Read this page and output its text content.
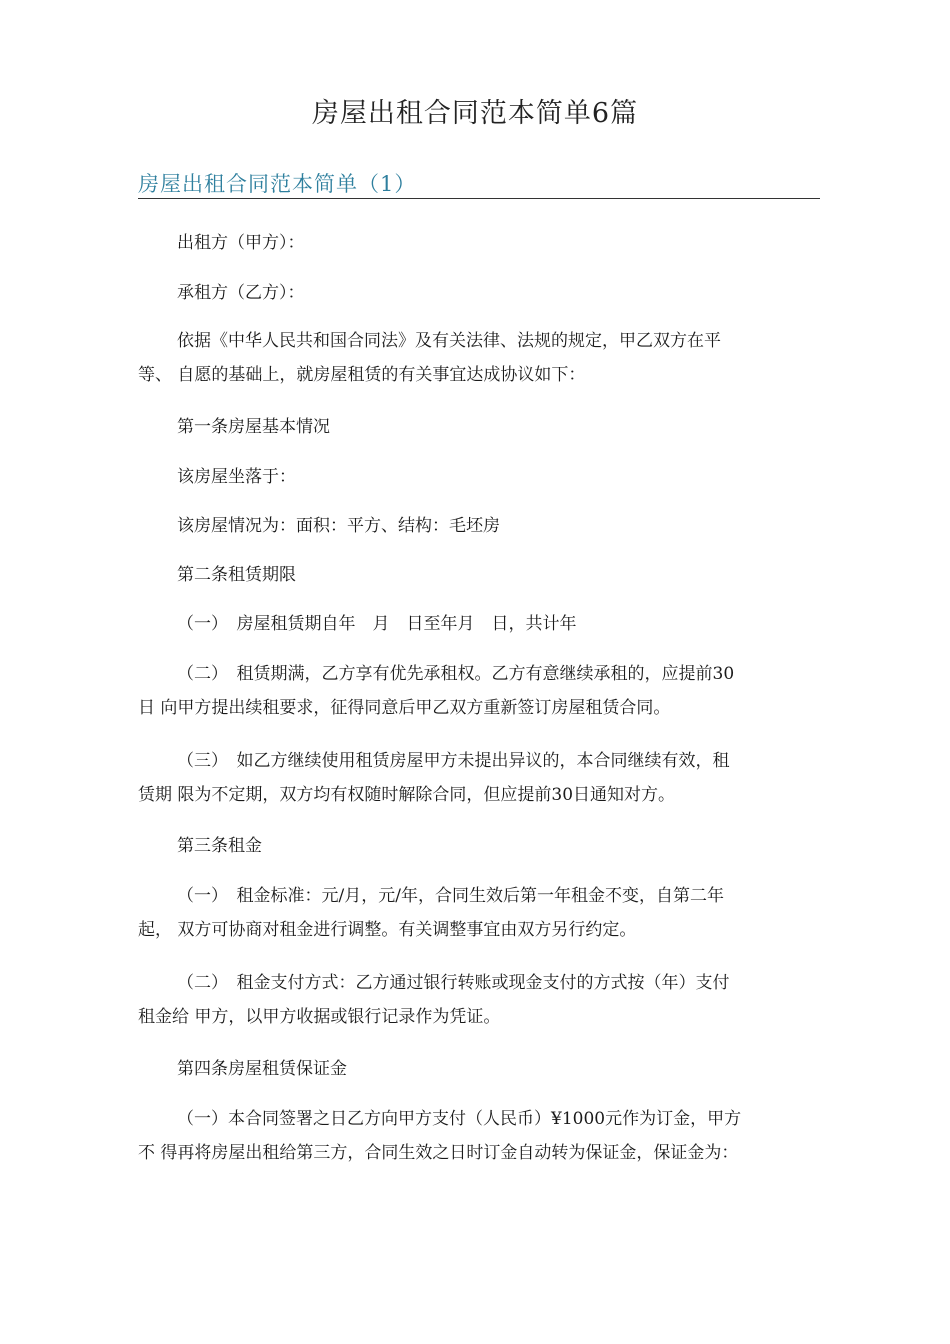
房屋出租合同范本简单6篇
房屋出租合同范本简单（1）

出租方（甲方）：

承租方（乙方）：

依据《中华人民共和国合同法》及有关法律、法规的规定，甲乙双方在平
等、 自愿的基础上，就房屋租赁的有关事宜达成协议如下：

第一条房屋基本情况

该房屋坐落于：

该房屋情况为：面积：平方、结构：毛坯房

第二条租赁期限

（一）　房屋租赁期自年　月　日至年月　日，共计年

（二）　租赁期满，乙方享有优先承租权。乙方有意继续承租的，应提前30
日 向甲方提出续租要求，征得同意后甲乙双方重新签订房屋租赁合同。

（三）　如乙方继续使用租赁房屋甲方未提出异议的，本合同继续有效，租
赁期 限为不定期，双方均有权随时解除合同，但应提前30日通知对方。

第三条租金

（一）　租金标准：元/月，元/年，合同生效后第一年租金不变，自第二年
起， 双方可协商对租金进行调整。有关调整事宜由双方另行约定。

（二）　租金支付方式：乙方通过银行转账或现金支付的方式按（年）支付
租金给 甲方，以甲方收据或银行记录作为凭证。

第四条房屋租赁保证金

（一）本合同签署之日乙方向甲方支付（人民币）¥1000元作为订金，甲方
不 得再将房屋出租给第三方，合同生效之日时订金自动转为保证金，保证金为：
